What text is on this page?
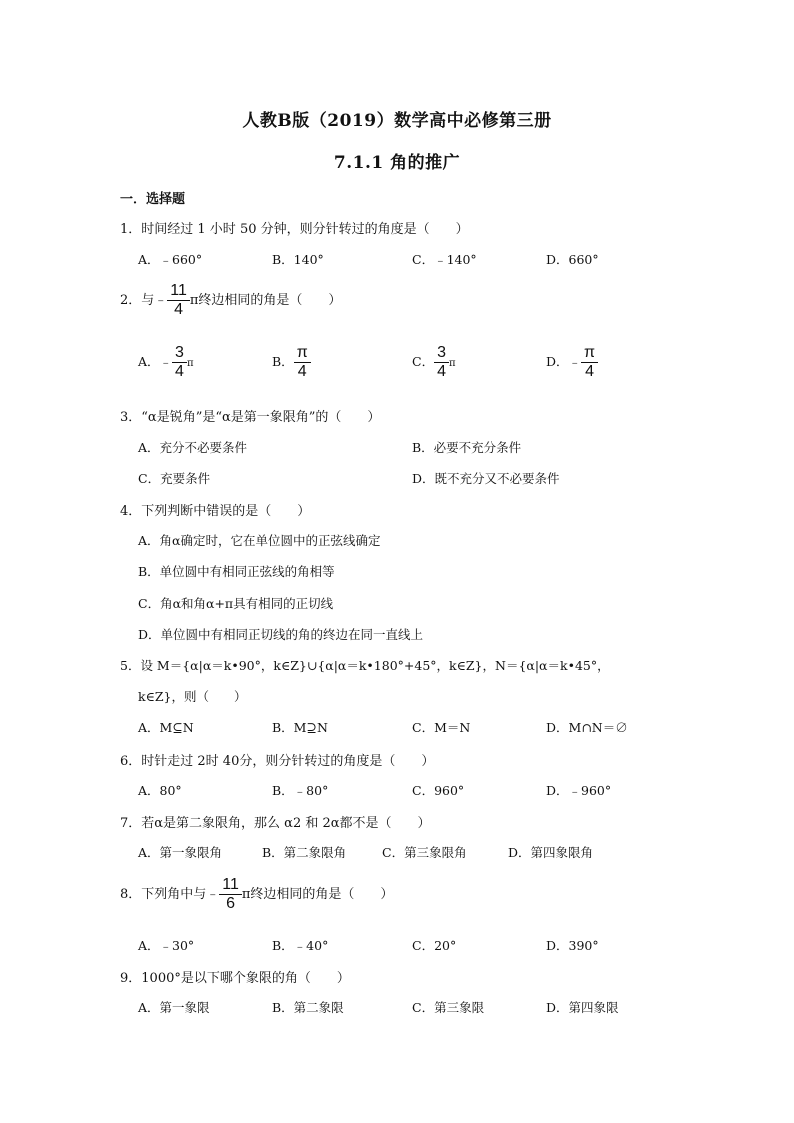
人教B版（2019）数学高中必修第三册
7.1.1 角的推广
一．选择题
1．时间经过 1 小时 50 分钟，则分针转过的角度是（　　）
A．﹣660°	B．140°	C．﹣140°	D．660°
2．与﹣ $\frac{11}{4}$ π终边相同的角是（　　）
A．﹣ $\frac{3}{4}$ π	B． $\frac{\pi}{4}$	C． $\frac{3}{4}$ π	D．﹣ $\frac{\pi}{4}$
3．“α是锐角”是“α是第一象限角”的（　　）
A．充分不必要条件	B．必要不充分条件
C．充要条件	D．既不充分又不必要条件
4．下列判断中错误的是（　　）
A．角α确定时，它在单位圆中的正弦线确定
B．单位圆中有相同正弦线的角相等
C．角α和角α+π具有相同的正切线
D．单位圆中有相同正切线的角的终边在同一直线上
5．设 M＝{α|α＝k•90°，k∈Z}∪{α|α＝k•180°+45°，k∈Z}，N＝{α|α＝k•45°，
k∈Z}，则（　　）
A．M⊆N	B．M⊇N	C．M＝N	D．M∩N＝∅
6．时针走过 2时 40分，则分针转过的角度是（　　）
A．80°	B．﹣80°	C．960°	D．﹣960°
7．若α是第二象限角，那么 α2 和 2α都不是（　　）
A．第一象限角	B．第二象限角	C．第三象限角	D．第四象限角
8．下列角中与﹣ $\frac{11}{6}$ π终边相同的角是（　　）
A．﹣30°	B．﹣40°	C．20°	D．390°
9．1000°是以下哪个象限的角（　　）
A．第一象限	B．第二象限	C．第三象限	D．第四象限
